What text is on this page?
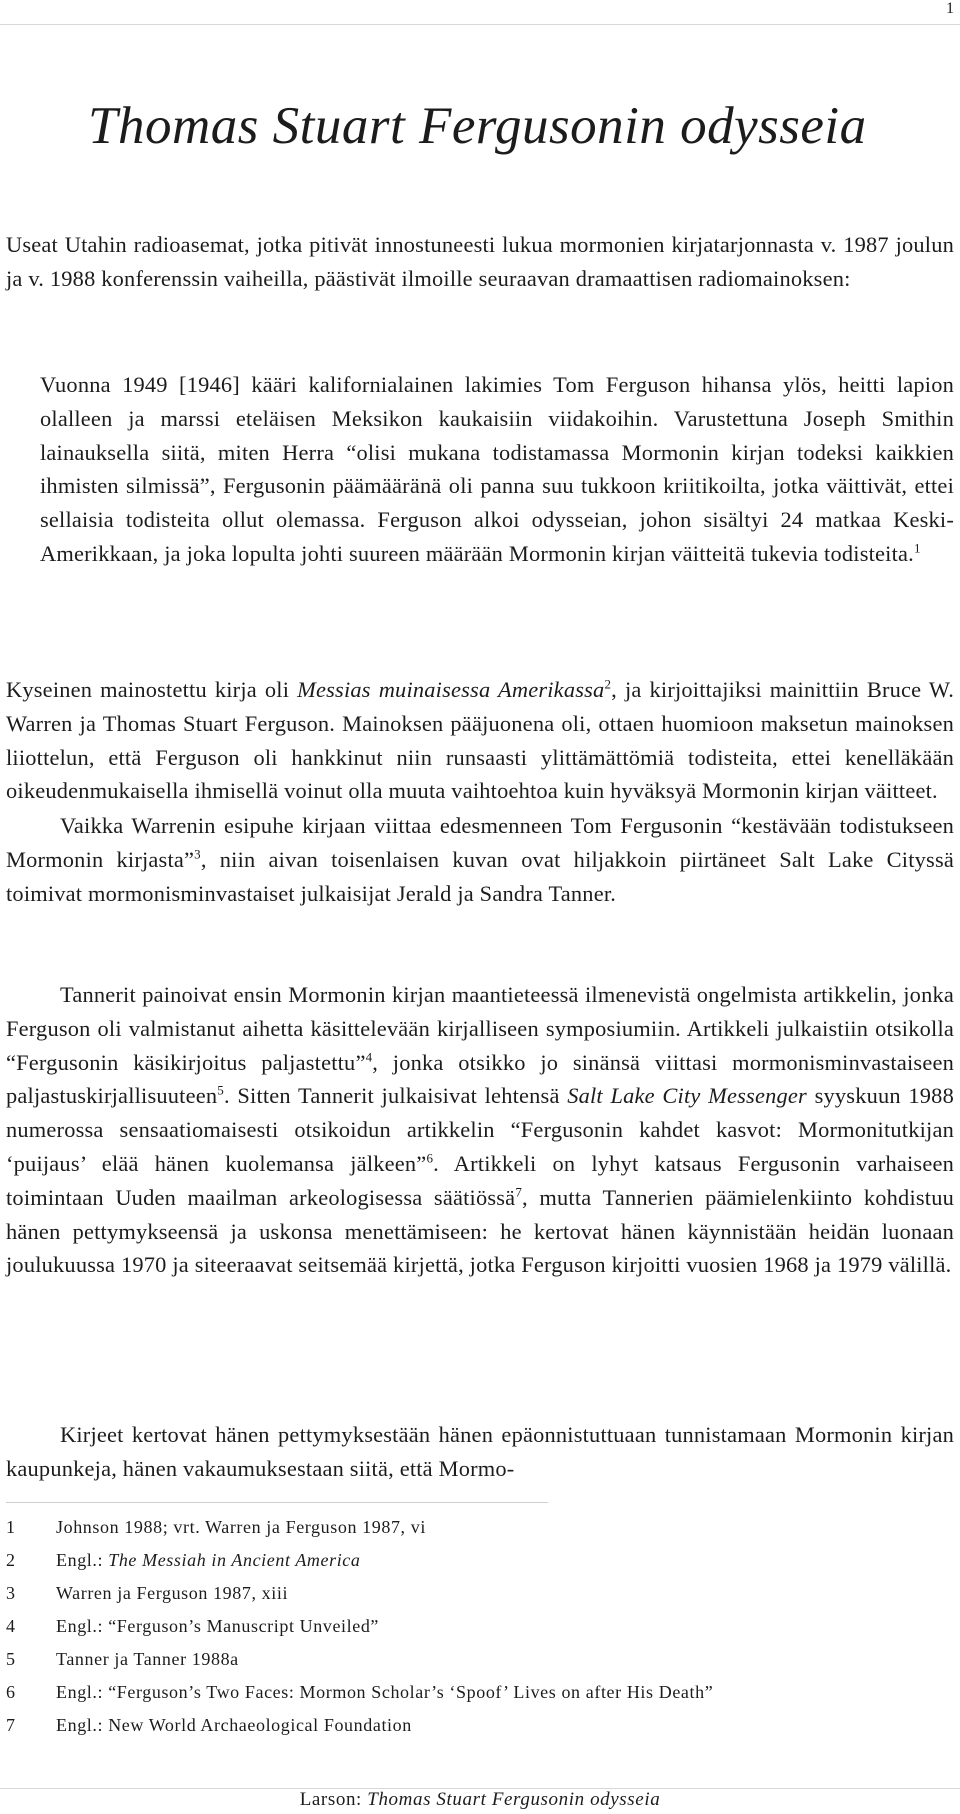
1
Thomas Stuart Fergusonin odysseia

Useat Utahin radioasemat, jotka pitivät innostuneesti lukua mormonien kirjatarjonnasta v. 1987 joulun ja v. 1988 konferenssin vaiheilla, päästivät ilmoille seuraavan dramaattisen radiomainoksen:

Vuonna 1949 [1946] kääri kalifornialainen lakimies Tom Ferguson hihansa ylös, heitti lapion olalleen ja marssi eteläisen Meksikon kaukaisiin viidakoihin. Varustettuna Joseph Smithin lainauksella siitä, miten Herra “olisi mukana todistamassa Mormonin kirjan todeksi kaikkien ihmisten silmissä”, Fergusonin päämääränä oli panna suu tukkoon kriitikoilta, jotka väittivät, ettei sellaisia todisteita ollut olemassa. Ferguson alkoi odysseian, johon sisältyi 24 matkaa Keski-Amerikkaan, ja joka lopulta johti suureen määrään Mormonin kirjan väitteitä tukevia todisteita.$^1$

Kyseinen mainostettu kirja oli Messias muinaisessa Amerikassa$^2$, ja kirjoittajiksi mainittiin Bruce W. Warren ja Thomas Stuart Ferguson. Mainoksen pääjuonena oli, ottaen huomioon maksetun mainoksen liiottelun, että Ferguson oli hankkinut niin runsaasti ylittämättömiä todisteita, ettei kenelläkään oikeudenmukaisella ihmisellä voinut olla muuta vaihtoehtoa kuin hyväksyä Mormonin kirjan väitteet.

Vaikka Warrenin esipuhe kirjaan viittaa edesmenneen Tom Fergusonin “kestävään todistukseen Mormonin kirjasta”$^3$, niin aivan toisenlaisen kuvan ovat hiljakkoin piirtäneet Salt Lake Cityssä toimivat mormonisminvastaiset julkaisijat Jerald ja Sandra Tanner.

Tannerit painoivat ensin Mormonin kirjan maantieteessä ilmenevistä ongelmista artikkelin, jonka Ferguson oli valmistanut aihetta käsittelevään kirjalliseen symposiumiin. Artikkeli julkaistiin otsikolla “Fergusonin käsikirjoitus paljastettu”$^4$, jonka otsikko jo sinänsä viittasi mormonisminvastaiseen paljastuskirjallisuuteen$^5$. Sitten Tannerit julkaisivat lehtensä Salt Lake City Messenger syyskuun 1988 numerossa sensaatiomaisesti otsikoidun artikkelin “Fergusonin kahdet kasvot: Mormonitutkijan ‘puijaus’ elää hänen kuolemansa jälkeen”$^6$. Artikkeli on lyhyt katsaus Fergusonin varhaiseen toimintaan Uuden maailman arkeologisessa säätiössä$^7$, mutta Tannerien päämielenkiinto kohdistuu hänen pettymykseensä ja uskonsa menettämiseen: he kertovat hänen käynnistään heidän luonaan joulukuussa 1970 ja siteeraavat seitsemää kirjettä, jotka Ferguson kirjoitti vuosien 1968 ja 1979 välillä.

Kirjeet kertovat hänen pettymyksestään hänen epäonnistuttuaan tunnistamaan Mormonin kirjan kaupunkeja, hänen vakaumuksestaan siitä, että Mormo-

1	Johnson 1988; vrt. Warren ja Ferguson 1987, vi
2	Engl.: The Messiah in Ancient America
3	Warren ja Ferguson 1987, xiii
4	Engl.: “Ferguson’s Manuscript Unveiled”
5	Tanner ja Tanner 1988a
6	Engl.: “Ferguson’s Two Faces: Mormon Scholar’s ‘Spoof’ Lives on after His Death”
7	Engl.: New World Archaeological Foundation
Larson: Thomas Stuart Fergusonin odysseia
